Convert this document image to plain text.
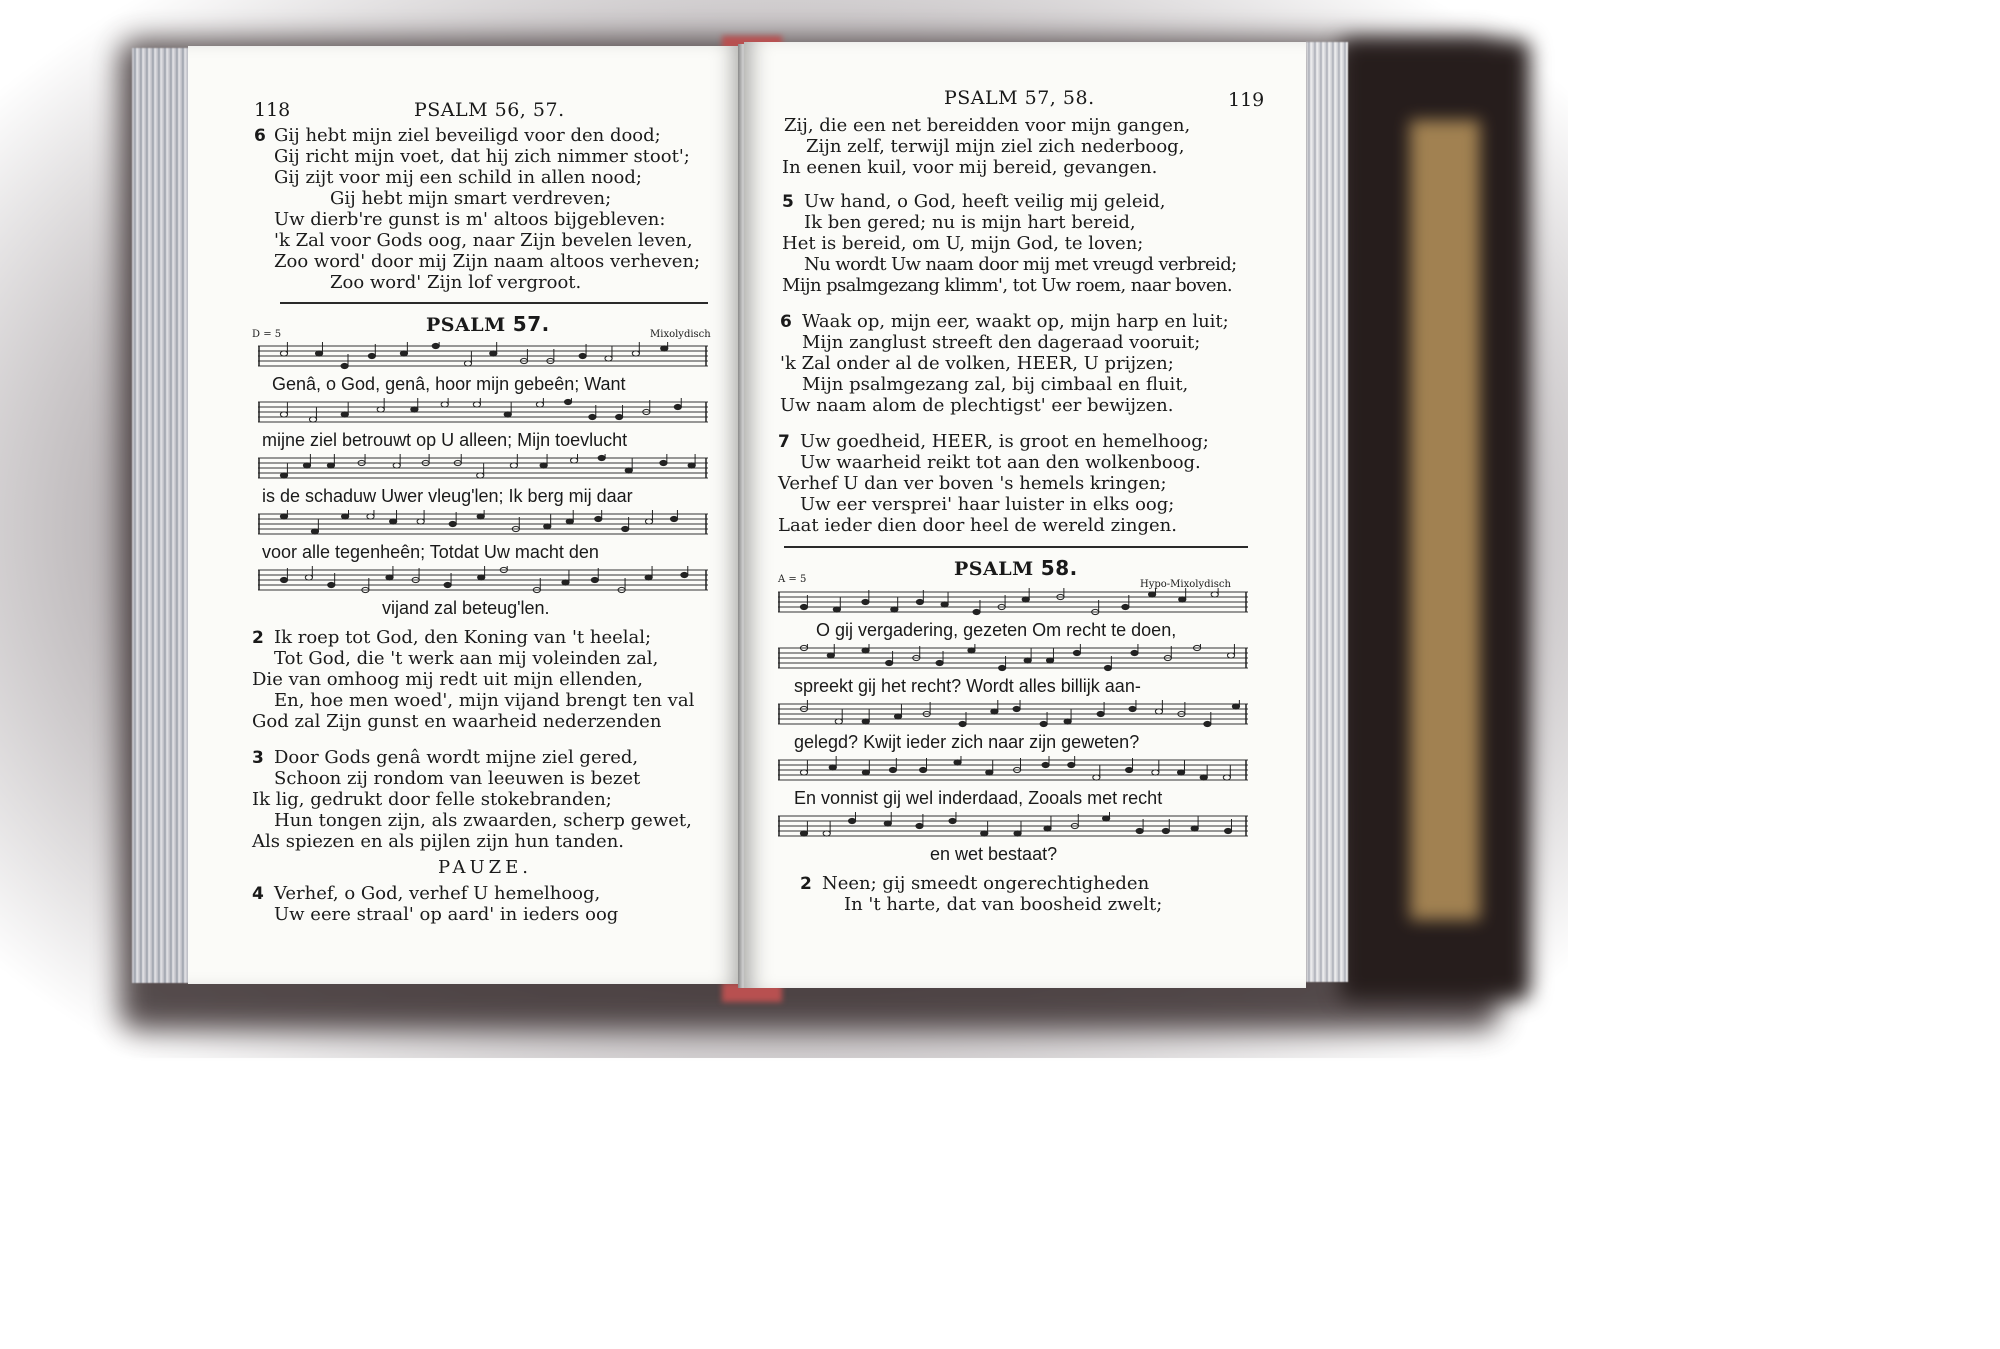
118	PSALM 56, 57.
6 Gij hebt mijn ziel beveiligd voor den dood;
Gij richt mijn voet, dat hij zich nimmer stoot';
Gij zijt voor mij een schild in allen nood;
Gij hebt mijn smart verdreven;
Uw dierb're gunst is m' altoos bijgebleven:
'k Zal voor Gods oog, naar Zijn bevelen leven,
Zoo word' door mij Zijn naam altoos verheven;
Zoo word' Zijn lof vergroot.
D = 5	PSALM 57.	Mixolydisch
Genâ, o God, genâ, hoor mijn gebeên; Want
mijne ziel betrouwt op U alleen; Mijn toevlucht
is de schaduw Uwer vleug'len; Ik berg mij daar
voor alle tegenheên; Totdat Uw macht den
vijand zal beteug'len.
2 Ik roep tot God, den Koning van 't heelal;
Tot God, die 't werk aan mij voleinden zal,
Die van omhoog mij redt uit mijn ellenden,
En, hoe men woed', mijn vijand brengt ten val
God zal Zijn gunst en waarheid nederzenden
3 Door Gods genâ wordt mijne ziel gered,
Schoon zij rondom van leeuwen is bezet
Ik lig, gedrukt door felle stokebranden;
Hun tongen zijn, als zwaarden, scherp gewet,
Als spiezen en als pijlen zijn hun tanden.
PAUZE.
4 Verhef, o God, verhef U hemelhoog,
Uw eere straal' op aard' in ieders oog
PSALM 57, 58.	119
Zij, die een net bereidden voor mijn gangen,
Zijn zelf, terwijl mijn ziel zich nederboog,
In eenen kuil, voor mij bereid, gevangen.
5 Uw hand, o God, heeft veilig mij geleid,
Ik ben gered; nu is mijn hart bereid,
Het is bereid, om U, mijn God, te loven;
Nu wordt Uw naam door mij met vreugd verbreid;
Mijn psalmgezang klimm', tot Uw roem, naar boven.
6 Waak op, mijn eer, waakt op, mijn harp en luit;
Mijn zanglust streeft den dageraad vooruit;
'k Zal onder al de volken, HEER, U prijzen;
Mijn psalmgezang zal, bij cimbaal en fluit,
Uw naam alom de plechtigst' eer bewijzen.
7 Uw goedheid, HEER, is groot en hemelhoog;
Uw waarheid reikt tot aan den wolkenboog.
Verhef U dan ver boven 's hemels kringen;
Uw eer versprei' haar luister in elks oog;
Laat ieder dien door heel de wereld zingen.
A = 5	PSALM 58.
Hypo-Mixolydisch
O gij vergadering, gezeten Om recht te doen,
spreekt gij het recht? Wordt alles billijk aan-
gelegd? Kwijt ieder zich naar zijn geweten?
En vonnist gij wel inderdaad, Zooals met recht
en wet bestaat?
2 Neen; gij smeedt ongerechtigheden
In 't harte, dat van boosheid zwelt;
